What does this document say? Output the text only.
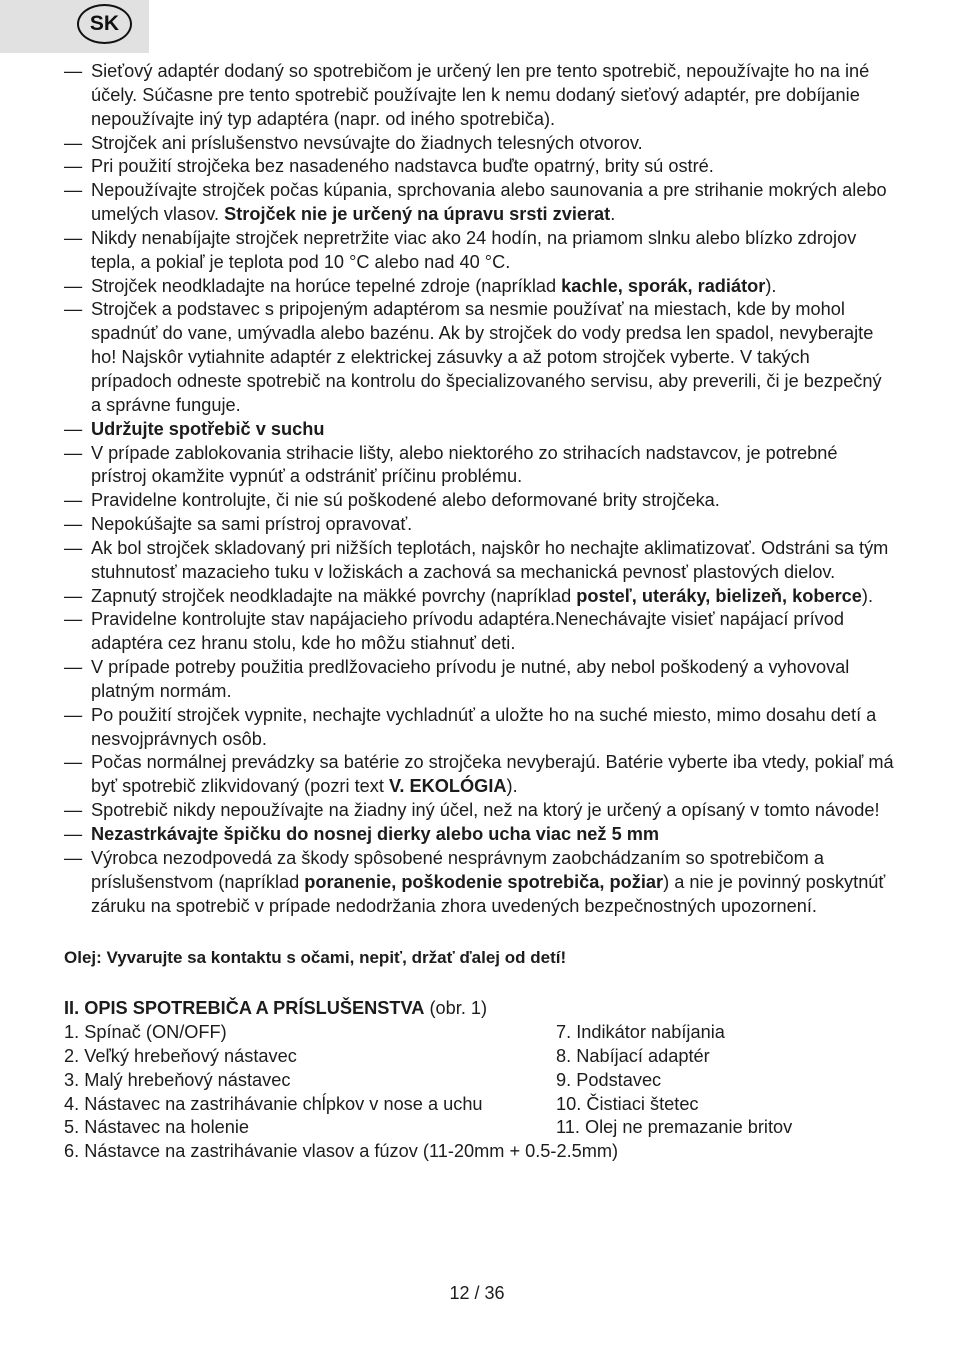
SK
— Sieťový adaptér dodaný so spotrebičom je určený len pre tento spotrebič, nepoužívajte ho na iné účely. Súčasne pre tento spotrebič používajte len k nemu dodaný sieťový adaptér, pre dobíjanie nepoužívajte iný typ adaptéra (napr. od iného spotrebiča).
— Strojček ani príslušenstvo nevsúvajte do žiadnych telesných otvorov.
— Pri použití strojčeka bez nasadeného nadstavca buďte opatrný, brity sú ostré.
— Nepoužívajte strojček počas kúpania, sprchovania alebo saunovania a pre strihanie mokrých alebo umelých vlasov. Strojček nie je určený na úpravu srsti zvierat.
— Nikdy nenabíjajte strojček nepretržite viac ako 24 hodín, na priamom slnku alebo blízko zdrojov tepla, a pokiaľ je teplota pod 10 °C alebo nad 40 °C.
— Strojček neodkladajte na horúce tepelné zdroje (napríklad kachle, sporák, radiátor).
— Strojček a podstavec s pripojeným adaptérom sa nesmie používať na miestach, kde by mohol spadnúť do vane, umývadla alebo bazénu. Ak by strojček do vody predsa len spadol, nevyberajte ho! Najskôr vytiahnite adaptér z elektrickej zásuvky a až potom strojček vyberte. V takých prípadoch odneste spotrebič na kontrolu do špecializovaného servisu, aby preverili, či je bezpečný a správne funguje.
— Udržujte spotřebič v suchu
— V prípade zablokovania strihacie lišty, alebo niektorého zo strihacích nadstavcov, je potrebné prístroj okamžite vypnúť a odstrániť príčinu problému.
— Pravidelne kontrolujte, či nie sú poškodené alebo deformované brity strojčeka.
— Nepokúšajte sa sami prístroj opravovať.
— Ak bol strojček skladovaný pri nižších teplotách, najskôr ho nechajte aklimatizovať. Odstráni sa tým stuhnutosť mazacieho tuku v ložiskách a zachová sa mechanická pevnosť plastových dielov.
— Zapnutý strojček neodkladajte na mäkké povrchy (napríklad posteľ, uteráky, bielizeň, koberce).
— Pravidelne kontrolujte stav napájacieho prívodu adaptéra.Nenechávajte visieť napájací prívod adaptéra cez hranu stolu, kde ho môžu stiahnuť deti.
— V prípade potreby použitia predlžovacieho prívodu je nutné, aby nebol poškodený a vyhovoval platným normám.
— Po použití strojček vypnite, nechajte vychladnúť a uložte ho na suché miesto, mimo dosahu detí a nesvojprávnych osôb.
— Počas normálnej prevádzky sa batérie zo strojčeka nevyberajú. Batérie vyberte iba vtedy, pokiaľ má byť spotrebič zlikvidovaný (pozri text V. EKOLÓGIA).
— Spotrebič nikdy nepoužívajte na žiadny iný účel, než na ktorý je určený a opísaný v tomto návode!
— Nezastrkávajte špičku do nosnej dierky alebo ucha viac než 5 mm
— Výrobca nezodpovedá za škody spôsobené nesprávnym zaobchádzaním so spotrebičom a príslušenstvom (napríklad poranenie, poškodenie spotrebiča, požiar) a nie je povinný poskytnúť záruku na spotrebič v prípade nedodržania zhora uvedených bezpečnostných upozornení.
Olej: Vyvarujte sa kontaktu s očami, nepiť, držať ďalej od detí!
II. OPIS SPOTREBIČA A PRÍSLUŠENSTVA (obr. 1)
1. Spínač (ON/OFF)	7. Indikátor nabíjania
2. Veľký hrebeňový nástavec	8. Nabíjací adaptér
3. Malý hrebeňový nástavec	9. Podstavec
4. Nástavec na zastrihávanie chĺpkov v nose a uchu	10. Čistiaci štetec
5. Nástavec na holenie	11. Olej ne premazanie britov
6. Nástavce na zastrihávanie vlasov a fúzov (11-20mm + 0.5-2.5mm)
12 / 36
